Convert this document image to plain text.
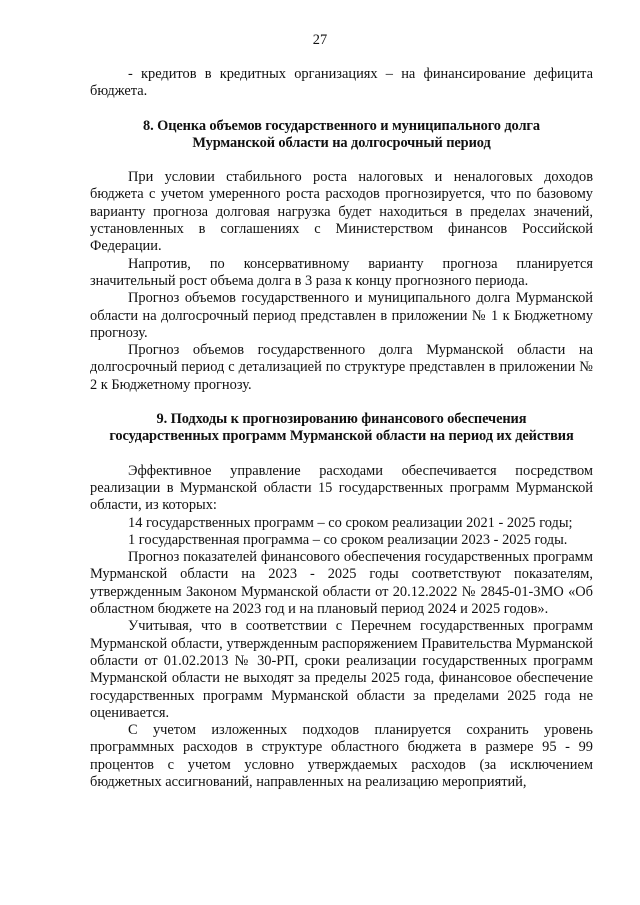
27

- кредитов в кредитных организациях – на финансирование дефицита бюджета.

8. Оценка объемов государственного и муниципального долга
Мурманской области на долгосрочный период

При условии стабильного роста налоговых и неналоговых доходов бюджета с учетом умеренного роста расходов прогнозируется, что по базовому варианту прогноза долговая нагрузка будет находиться в пределах значений, установленных в соглашениях с Министерством финансов Российской Федерации.

Напротив, по консервативному варианту прогноза планируется значительный рост объема долга в 3 раза к концу прогнозного периода.

Прогноз объемов государственного и муниципального долга Мурманской области на долгосрочный период представлен в приложении № 1 к Бюджетному прогнозу.

Прогноз объемов государственного долга Мурманской области на долгосрочный период с детализацией по структуре представлен в приложении № 2 к Бюджетному прогнозу.

9. Подходы к прогнозированию финансового обеспечения
государственных программ Мурманской области на период их действия

Эффективное управление расходами обеспечивается посредством реализации в Мурманской области 15 государственных программ Мурманской области, из которых:

14 государственных программ – со сроком реализации 2021 - 2025 годы;

1 государственная программа – со сроком реализации 2023 - 2025 годы.

Прогноз показателей финансового обеспечения государственных программ Мурманской области на 2023 - 2025 годы соответствуют показателям, утвержденным Законом Мурманской области от 20.12.2022 № 2845-01-ЗМО «Об областном бюджете на 2023 год и на плановый период 2024 и 2025 годов».

Учитывая, что в соответствии с Перечнем государственных программ Мурманской области, утвержденным распоряжением Правительства Мурманской области от 01.02.2013 № 30-РП, сроки реализации государственных программ Мурманской области не выходят за пределы 2025 года, финансовое обеспечение государственных программ Мурманской области за пределами 2025 года не оценивается.

С учетом изложенных подходов планируется сохранить уровень программных расходов в структуре областного бюджета в размере 95 - 99 процентов с учетом условно утверждаемых расходов (за исключением бюджетных ассигнований, направленных на реализацию мероприятий,
